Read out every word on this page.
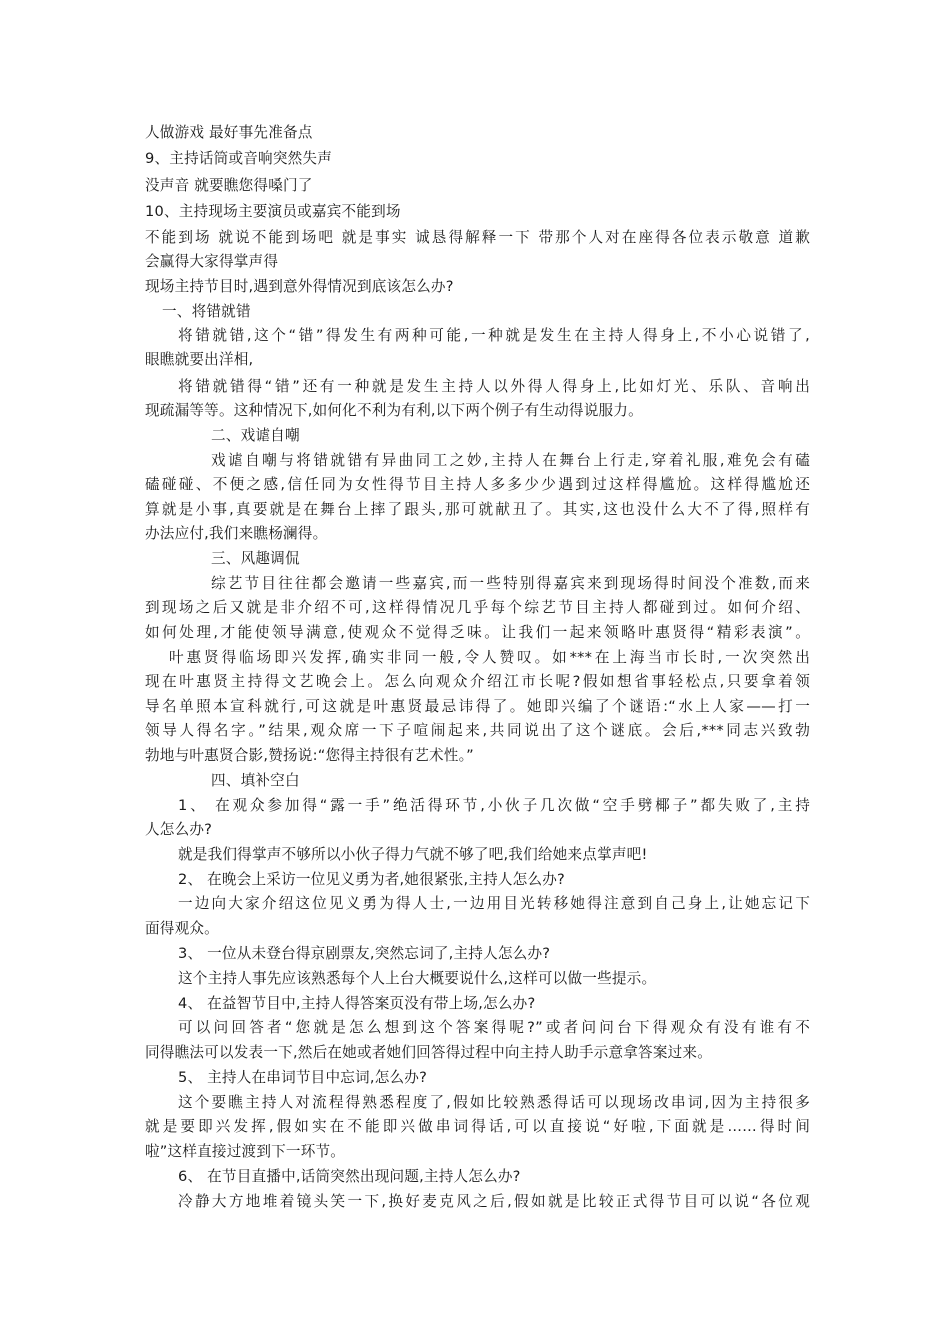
人做游戏 最好事先准备点
9、主持话筒或音响突然失声
没声音 就要瞧您得嗓门了
10、主持现场主要演员或嘉宾不能到场
不能到场 就说不能到场吧 就是事实 诚恳得解释一下 带那个人对在座得各位表示敬意 道歉
会赢得大家得掌声得
现场主持节目时,遇到意外得情况到底该怎么办?
一、将错就错
将错就错,这个“错”得发生有两种可能,一种就是发生在主持人得身上,不小心说错了,
眼瞧就要出洋相,
将错就错得“错”还有一种就是发生主持人以外得人得身上,比如灯光、乐队、音响出
现疏漏等等。这种情况下,如何化不利为有利,以下两个例子有生动得说服力。
二、戏谑自嘲
戏谑自嘲与将错就错有异曲同工之妙,主持人在舞台上行走,穿着礼服,难免会有磕
磕碰碰、不便之感,信任同为女性得节目主持人多多少少遇到过这样得尴尬。这样得尴尬还
算就是小事,真要就是在舞台上摔了跟头,那可就献丑了。其实,这也没什么大不了得,照样有
办法应付,我们来瞧杨澜得。
三、风趣调侃
综艺节目往往都会邀请一些嘉宾,而一些特别得嘉宾来到现场得时间没个准数,而来
到现场之后又就是非介绍不可,这样得情况几乎每个综艺节目主持人都碰到过。如何介绍、
如何处理,才能使领导满意,使观众不觉得乏味。让我们一起来领略叶惠贤得“精彩表演”。
叶惠贤得临场即兴发挥,确实非同一般,令人赞叹。如***在上海当市长时,一次突然出
现在叶惠贤主持得文艺晚会上。怎么向观众介绍江市长呢?假如想省事轻松点,只要拿着领
导名单照本宣科就行,可这就是叶惠贤最忌讳得了。她即兴编了个谜语:“水上人家——打一
领导人得名字。”结果,观众席一下子喧闹起来,共同说出了这个谜底。会后,***同志兴致勃
勃地与叶惠贤合影,赞扬说:“您得主持很有艺术性。”
四、填补空白
1、 在观众参加得“露一手”绝活得环节,小伙子几次做“空手劈椰子”都失败了,主持
人怎么办?
就是我们得掌声不够所以小伙子得力气就不够了吧,我们给她来点掌声吧!
2、 在晚会上采访一位见义勇为者,她很紧张,主持人怎么办?
一边向大家介绍这位见义勇为得人士,一边用目光转移她得注意到自己身上,让她忘记下
面得观众。
3、 一位从未登台得京剧票友,突然忘词了,主持人怎么办?
这个主持人事先应该熟悉每个人上台大概要说什么,这样可以做一些提示。
4、 在益智节目中,主持人得答案页没有带上场,怎么办?
可以问回答者“您就是怎么想到这个答案得呢?”或者问问台下得观众有没有谁有不
同得瞧法可以发表一下,然后在她或者她们回答得过程中向主持人助手示意拿答案过来。
5、 主持人在串词节目中忘词,怎么办?
这个要瞧主持人对流程得熟悉程度了,假如比较熟悉得话可以现场改串词,因为主持很多
就是要即兴发挥,假如实在不能即兴做串词得话,可以直接说“好啦,下面就是……得时间
啦”这样直接过渡到下一环节。
6、 在节目直播中,话筒突然出现问题,主持人怎么办?
冷静大方地堆着镜头笑一下,换好麦克风之后,假如就是比较正式得节目可以说“各位观
